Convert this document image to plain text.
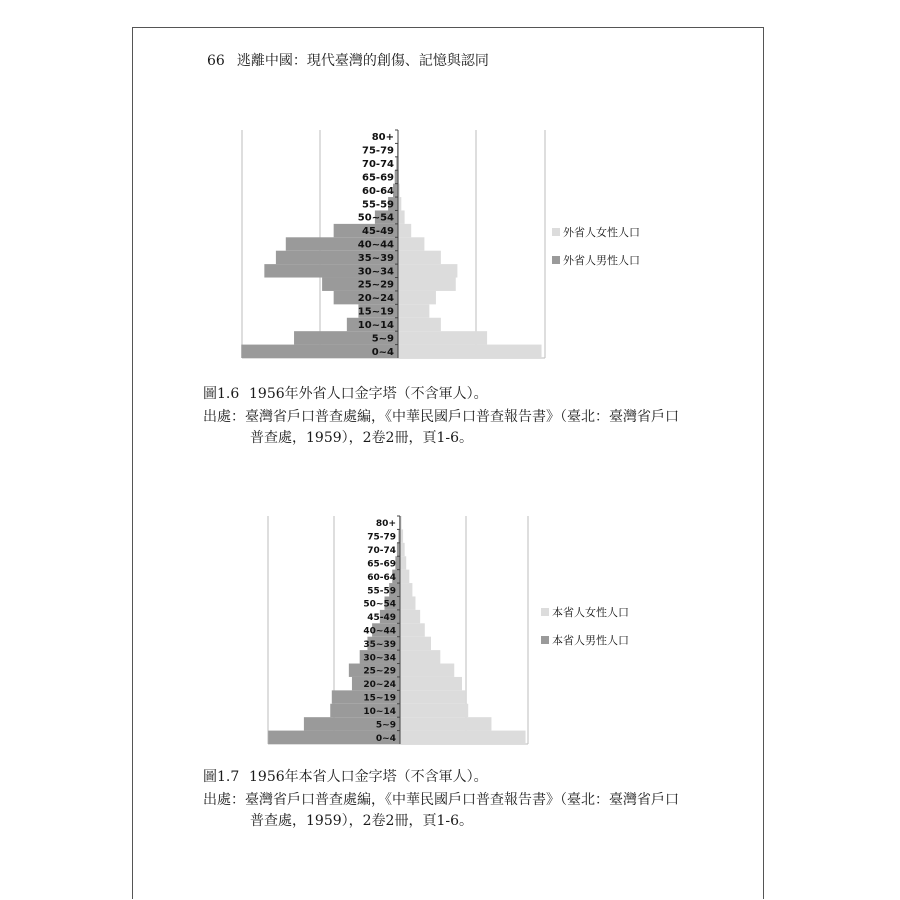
66 逃離中國：現代臺灣的創傷、記憶與認同
0~4
5~9
10~14
15~19
20~24
25~29
30~34
35~39
40~44
45-49
50~54
55-59
60-64
65-69
70-74
75-79
80+
外省人女性人口
外省人男性人口
圖1.6 1956年外省人口金字塔（不含軍人）。
出處：臺灣省戶口普查處編，《中華民國戶口普查報告書》（臺北：臺灣省戶口
普查處，1959），2卷2冊，頁1-6。
0~4
5~9
10~14
15~19
20~24
25~29
30~34
35~39
40~44
45-49
50~54
55-59
60-64
65-69
70-74
75-79
80+
本省人女性人口
本省人男性人口
圖1.7 1956年本省人口金字塔（不含軍人）。
出處：臺灣省戶口普查處編，《中華民國戶口普查報告書》（臺北：臺灣省戶口
普查處，1959），2卷2冊，頁1-6。
